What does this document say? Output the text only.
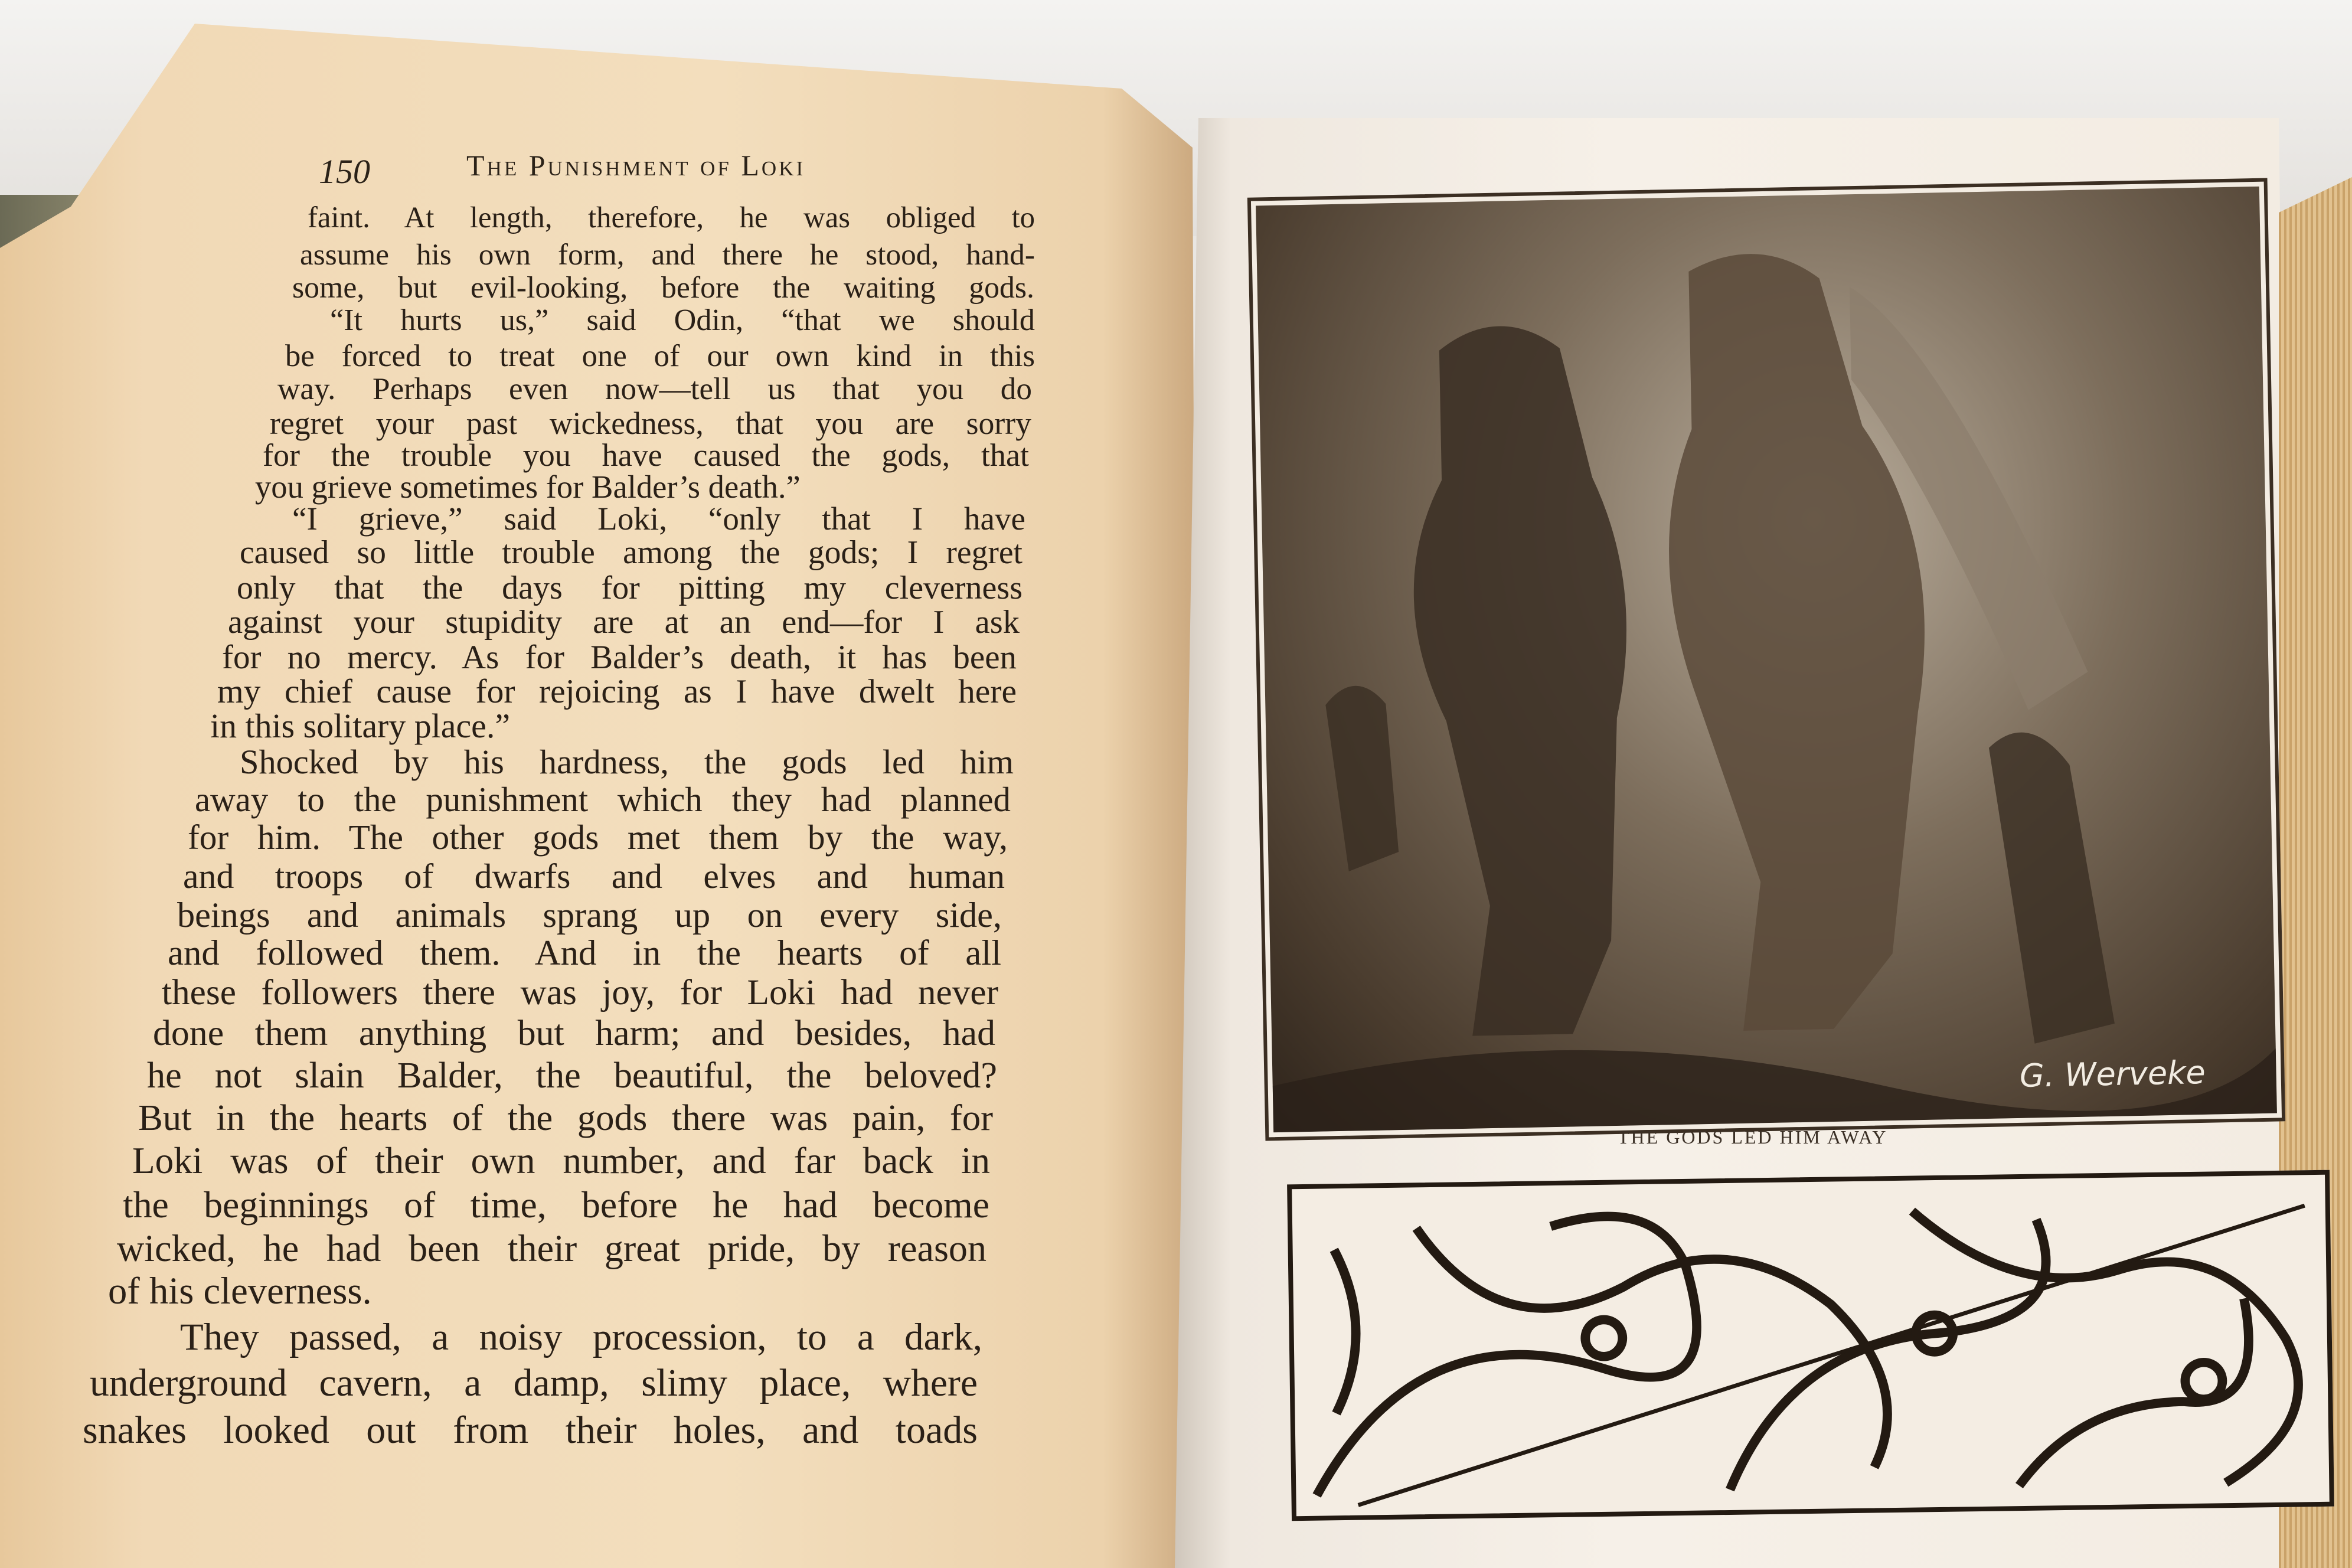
150	The Punishment of Loki
faint. At length, therefore, he was obliged to
assume his own form, and there he stood, hand-
some, but evil-looking, before the waiting gods.
“It hurts us,” said Odin, “that we should
be forced to treat one of our own kind in this
way. Perhaps even now—tell us that you do
regret your past wickedness, that you are sorry
for the trouble you have caused the gods, that
you grieve sometimes for Balder’s death.”
“I grieve,” said Loki, “only that I have
caused so little trouble among the gods; I regret
only that the days for pitting my cleverness
against your stupidity are at an end—for I ask
for no mercy. As for Balder’s death, it has been
my chief cause for rejoicing as I have dwelt here
in this solitary place.”
Shocked by his hardness, the gods led him
away to the punishment which they had planned
for him. The other gods met them by the way,
and troops of dwarfs and elves and human
beings and animals sprang up on every side,
and followed them. And in the hearts of all
these followers there was joy, for Loki had never
done them anything but harm; and besides, had
he not slain Balder, the beautiful, the beloved?
But in the hearts of the gods there was pain, for
Loki was of their own number, and far back in
the beginnings of time, before he had become
wicked, he had been their great pride, by reason
of his cleverness.
They passed, a noisy procession, to a dark,
underground cavern, a damp, slimy place, where
snakes looked out from their holes, and toads
G. Werveke
THE GODS LED HIM AWAY
